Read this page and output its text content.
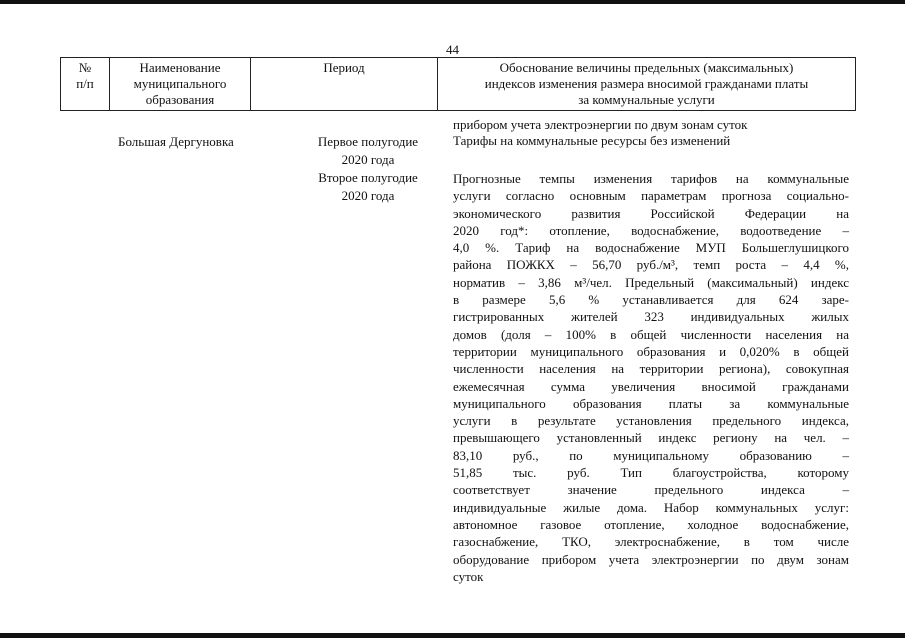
44
№
п/п
Наименование
муниципального
образования
Период	Обоснование величины предельных (максимальных)
индексов изменения размера вносимой гражданами платы
за коммунальные услуги
прибором учета электроэнергии по двум зонам суток
Большая Дергуновка	Первое полугодие
2020 года
Второе полугодие
2020 года
Тарифы на коммунальные ресурсы без изменений
Прогнозные темпы изменения тарифов на коммунальные
услуги согласно основным параметрам прогноза социально-
экономического развития Российской Федерации на
2020 год*: отопление, водоснабжение, водоотведение –
4,0 %. Тариф на водоснабжение МУП Большеглушицкого
района ПОЖКХ – 56,70 руб./м³, темп роста – 4,4 %,
норматив – 3,86 м³/чел. Предельный (максимальный) индекс
в размере 5,6 % устанавливается для 624 заре-
гистрированных жителей 323 индивидуальных жилых
домов (доля – 100% в общей численности населения на
территории муниципального образования и 0,020% в общей
численности населения на территории региона), совокупная
ежемесячная сумма увеличения вносимой гражданами
муниципального образования платы за коммунальные
услуги в результате установления предельного индекса,
превышающего установленный индекс региону на чел. –
83,10 руб., по муниципальному образованию –
51,85 тыс. руб. Тип благоустройства, которому
соответствует значение предельного индекса –
индивидуальные жилые дома. Набор коммунальных услуг:
автономное газовое отопление, холодное водоснабжение,
газоснабжение, ТКО, электроснабжение, в том числе
оборудование прибором учета электроэнергии по двум зонам
суток
